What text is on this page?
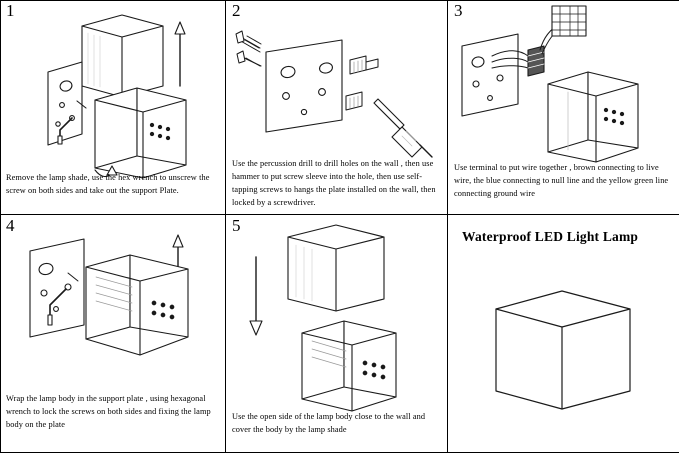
1
Remove the lamp shade, use the hex wrench to unscrew the screw on both sides and take out the support Plate.
2
Use the percussion drill to drill holes on the wall , then use hammer to put screw sleeve into the hole, then use self-tapping screws to hangs the plate installed on the wall, then locked by a screwdriver.
3
Use terminal to put wire together , brown connecting to live wire, the blue connecting to null line and the yellow green line connecting ground wire
4
Wrap the lamp body in the support plate , using hexagonal wrench to lock the screws on both sides and fixing the lamp body on the plate
5
Use the open side of the lamp body close to the wall and cover the body by the lamp shade
Waterproof LED Light Lamp
